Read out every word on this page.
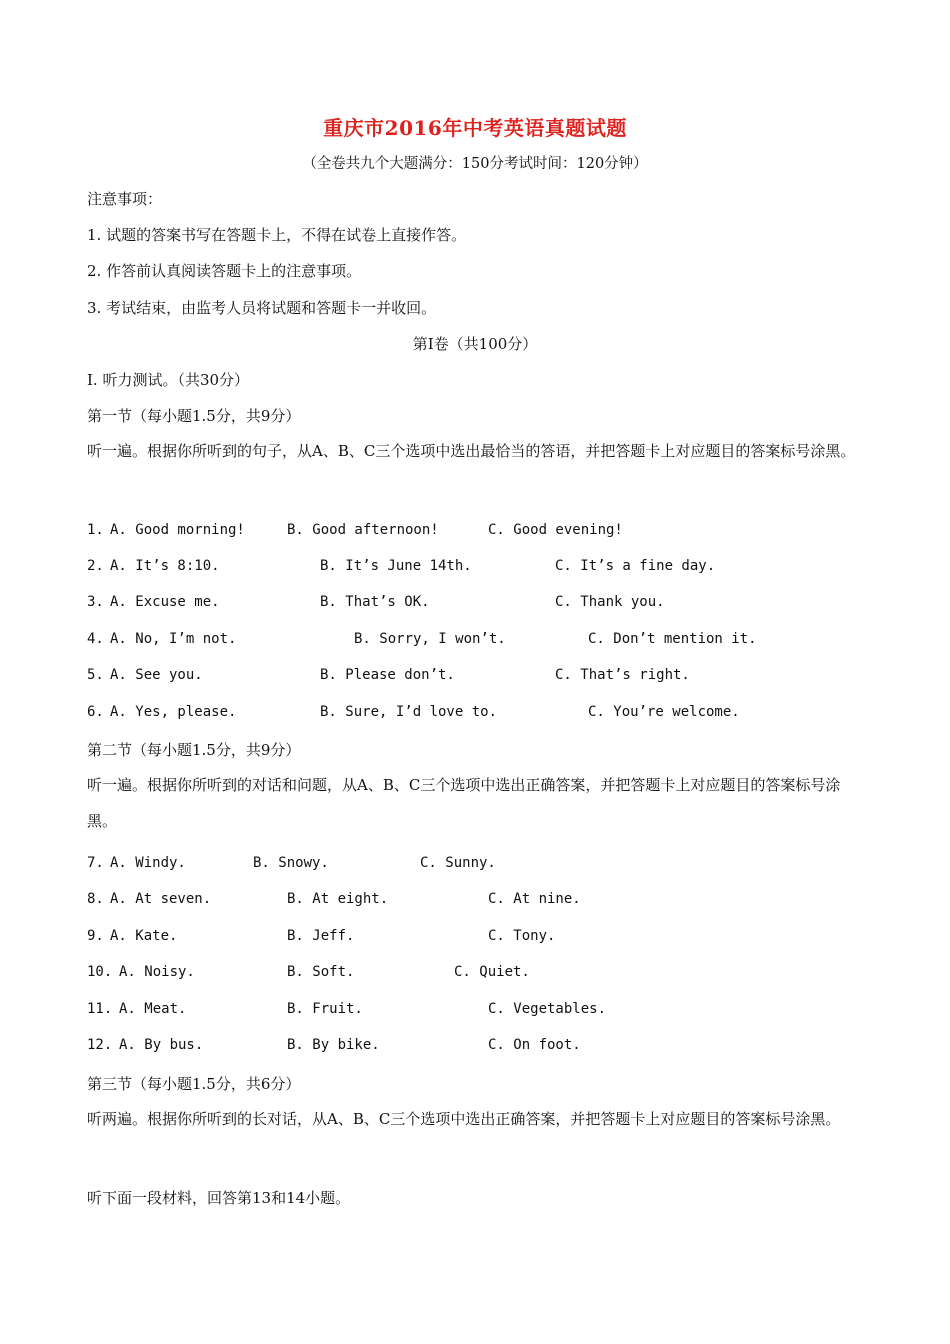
重庆市2016年中考英语真题试题
（全卷共九个大题满分：150分考试时间：120分钟）
注意事项：
1. 试题的答案书写在答题卡上，不得在试卷上直接作答。
2. 作答前认真阅读答题卡上的注意事项。
3. 考试结束，由监考人员将试题和答题卡一并收回。
第Ⅰ卷（共100分）
Ⅰ. 听力测试。（共30分）
第一节（每小题1.5分，共9分）
听一遍。根据你所听到的句子，从A、B、C三个选项中选出最恰当的答语，并把答题卡上对应题目的答案标号涂黑。
1. A. Good morning!	B. Good afternoon!	C. Good evening!
2. A. It’s 8:10.	B. It’s June 14th.	C. It’s a fine day.
3. A. Excuse me.	B. That’s OK.	C. Thank you.
4. A. No, I’m not.	B. Sorry, I won’t.	C. Don’t mention it.
5. A. See you.	B. Please don’t.	C. That’s right.
6. A. Yes, please.	B. Sure, I’d love to.	C. You’re welcome.
第二节（每小题1.5分，共9分）
听一遍。根据你所听到的对话和问题，从A、B、C三个选项中选出正确答案，并把答题卡上对应题目的答案标号涂黑。
7. A. Windy.	B. Snowy.	C. Sunny.
8. A. At seven.	B. At eight.	C. At nine.
9. A. Kate.	B. Jeff.	C. Tony.
10. A. Noisy.	B. Soft.	C. Quiet.
11. A. Meat.	B. Fruit.	C. Vegetables.
12. A. By bus.	B. By bike.	C. On foot.
第三节（每小题1.5分，共6分）
听两遍。根据你所听到的长对话，从A、B、C三个选项中选出正确答案，并把答题卡上对应题目的答案标号涂黑。
听下面一段材料，回答第13和14小题。
